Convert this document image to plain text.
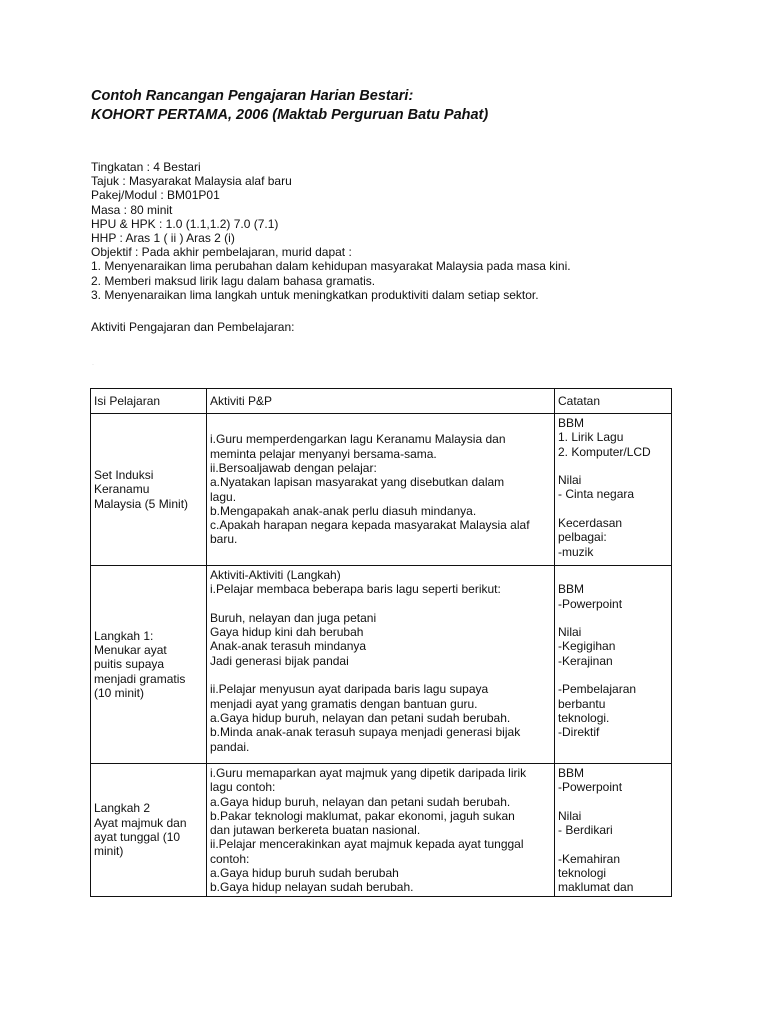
Contoh Rancangan Pengajaran Harian Bestari:
KOHORT PERTAMA, 2006 (Maktab Perguruan Batu Pahat)
Tingkatan : 4 Bestari
Tajuk : Masyarakat Malaysia alaf baru
Pakej/Modul : BM01P01
Masa : 80 minit
HPU & HPK : 1.0 (1.1,1.2) 7.0 (7.1)
HHP : Aras 1 ( ii ) Aras 2 (i)
Objektif : Pada akhir pembelajaran, murid dapat :
1. Menyenaraikan lima perubahan dalam kehidupan masyarakat Malaysia pada masa kini.
2. Memberi maksud lirik lagu dalam bahasa gramatis.
3. Menyenaraikan lima langkah untuk meningkatkan produktiviti dalam setiap sektor.
Aktiviti Pengajaran dan Pembelajaran:
·
Isi Pelajaran	Aktiviti P&P	Catatan
Set Induksi
Keranamu
Malaysia (5 Minit)
i.Guru memperdengarkan lagu Keranamu Malaysia dan
meminta pelajar menyanyi bersama-sama.
ii.Bersoaljawab dengan pelajar:
a.Nyatakan lapisan masyarakat yang disebutkan dalam
lagu.
b.Mengapakah anak-anak perlu diasuh mindanya.
c.Apakah harapan negara kepada masyarakat Malaysia alaf
baru.
BBM
1. Lirik Lagu
2. Komputer/LCD
Nilai
- Cinta negara
Kecerdasan
pelbagai:
-muzik
Langkah 1:
Menukar ayat
puitis supaya
menjadi gramatis
(10 minit)
Aktiviti-Aktiviti (Langkah)
i.Pelajar membaca beberapa baris lagu seperti berikut:
Buruh, nelayan dan juga petani
Gaya hidup kini dah berubah
Anak-anak terasuh mindanya
Jadi generasi bijak pandai
ii.Pelajar menyusun ayat daripada baris lagu supaya
menjadi ayat yang gramatis dengan bantuan guru.
a.Gaya hidup buruh, nelayan dan petani sudah berubah.
b.Minda anak-anak terasuh supaya menjadi generasi bijak
pandai.
BBM
-Powerpoint
Nilai
-Kegigihan
-Kerajinan
-Pembelajaran
berbantu
teknologi.
-Direktif
Langkah 2
Ayat majmuk dan
ayat tunggal (10
minit)
i.Guru memaparkan ayat majmuk yang dipetik daripada lirik
lagu contoh:
a.Gaya hidup buruh, nelayan dan petani sudah berubah.
b.Pakar teknologi maklumat, pakar ekonomi, jaguh sukan
dan jutawan berkereta buatan nasional.
ii.Pelajar mencerakinkan ayat majmuk kepada ayat tunggal
contoh:
a.Gaya hidup buruh sudah berubah
b.Gaya hidup nelayan sudah berubah.
BBM
-Powerpoint
Nilai
- Berdikari
-Kemahiran
teknologi
maklumat dan
